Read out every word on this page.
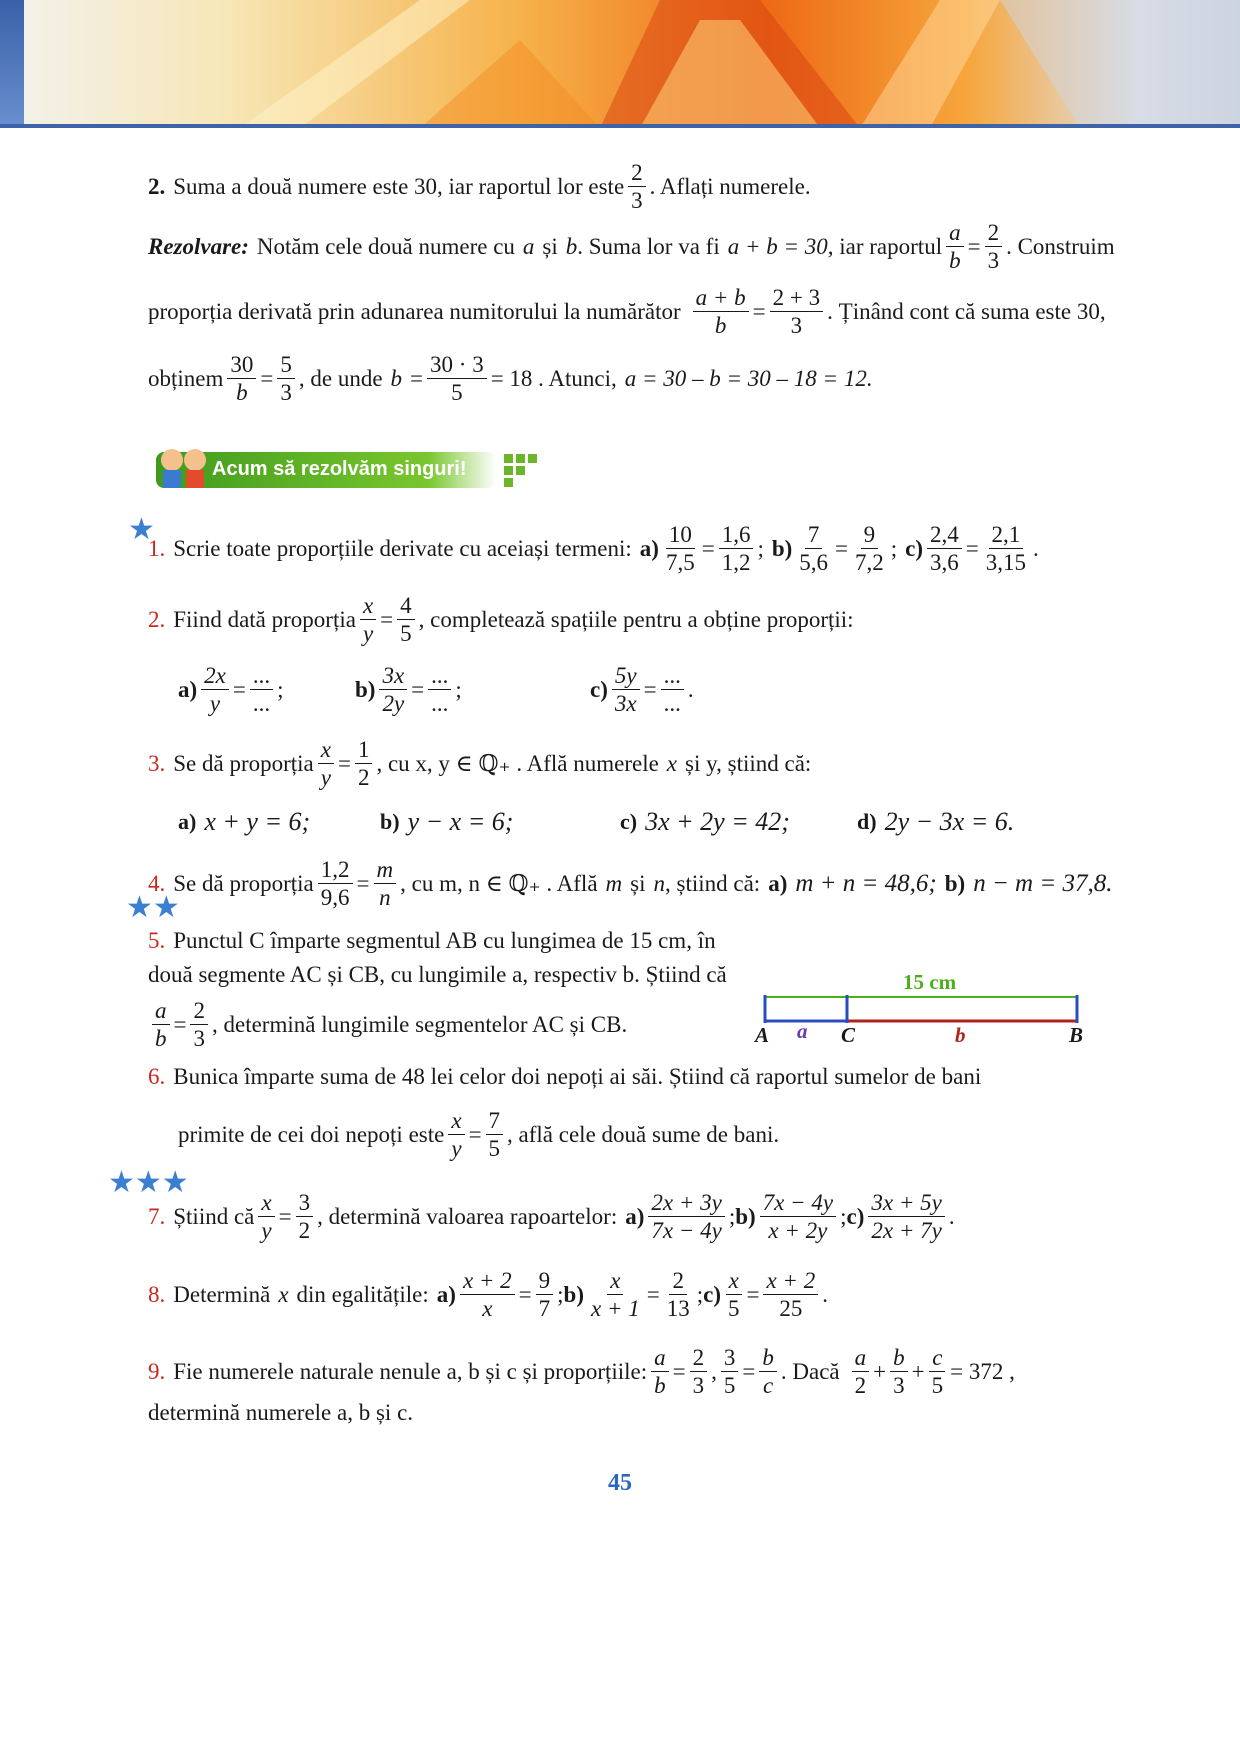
2. Suma a două numere este 30, iar raportul lor este $\frac{2}{3}$ . Aflați numerele.
Rezolvare: Notăm cele două numere cu a și b . Suma lor va fi a + b = 30 , iar raportul $\frac{a}{b} = \frac{2}{3}$ . Construim
proporția derivată prin adunarea numitorului la numărător $\frac{a + b}{b} = \frac{2 + 3}{3}$ . Ținând cont că suma este 30,
obținem $\frac{30}{b} = \frac{5}{3}$ , de unde $b = \frac{30 \cdot 3}{5} = 18$ . Atunci, a = 30 – b = 30 – 18 = 12.
Acum să rezolvăm singuri!
★
★★
★★★
1. Scrie toate proporțiile derivate cu aceiași termeni: $a) \frac{10}{7,5} = \frac{1,6}{1,2}$ ; $b) \frac{7}{5,6} = \frac{9}{7,2}$ ; $c) \frac{2,4}{3,6} = \frac{2,1}{3,15}$ .
2. Fiind dată proporția $\frac{x}{y} = \frac{4}{5}$ , completează spațiile pentru a obține proporții:
$a) \frac{2x}{y} = \frac{...}{...}$ ;	$b) \frac{3x}{2y} = \frac{...}{...}$ ;	$c) \frac{5y}{3x} = \frac{...}{...}$ .
3. Se dă proporția $\frac{x}{y} = \frac{1}{2}$ , cu x, y ∈ ℚ₊ . Află numerele x și y, știind că:
a) x + y = 6;	b) y − x = 6;	c) 3x + 2y = 42;	d) 2y − 3x = 6.
4. Se dă proporția $\frac{1,2}{9,6} = \frac{m}{n}$ , cu m, n ∈ ℚ₊ . Află m și n , știind că: a) m + n = 48,6; b) n − m = 37,8.
5. Punctul C împarte segmentul AB cu lungimea de 15 cm, în
două segmente AC și CB, cu lungimile a, respectiv b. Știind că
$\frac{a}{b} = \frac{2}{3}$ , determină lungimile segmentelor AC și CB.
15 cm
A a C	b	B
6. Bunica împarte suma de 48 lei celor doi nepoți ai săi. Știind că raportul sumelor de bani
primite de cei doi nepoți este $\frac{x}{y} = \frac{7}{5}$ , află cele două sume de bani.
7. Știind că $\frac{x}{y} = \frac{3}{2}$ , determină valoarea rapoartelor: $a) \frac{2x + 3y}{7x - 4y}$ ; $b) \frac{7x - 4y}{x + 2y}$ ; $c) \frac{3x + 5y}{2x + 7y}$ .
8. Determină x din egalitățile: $a) \frac{x + 2}{x} = \frac{9}{7}$ ; $b) \frac{x}{x + 1} = \frac{2}{13}$ ; $c) \frac{x}{5} = \frac{x + 2}{25}$ .
9. Fie numerele naturale nenule a, b și c și proporțiile: $\frac{a}{b} = \frac{2}{3}$ , $\frac{3}{5} = \frac{b}{c}$ . Dacă $\frac{a}{2} + \frac{b}{3} + \frac{c}{5} = 372$ ,
determină numerele a, b și c.
45
